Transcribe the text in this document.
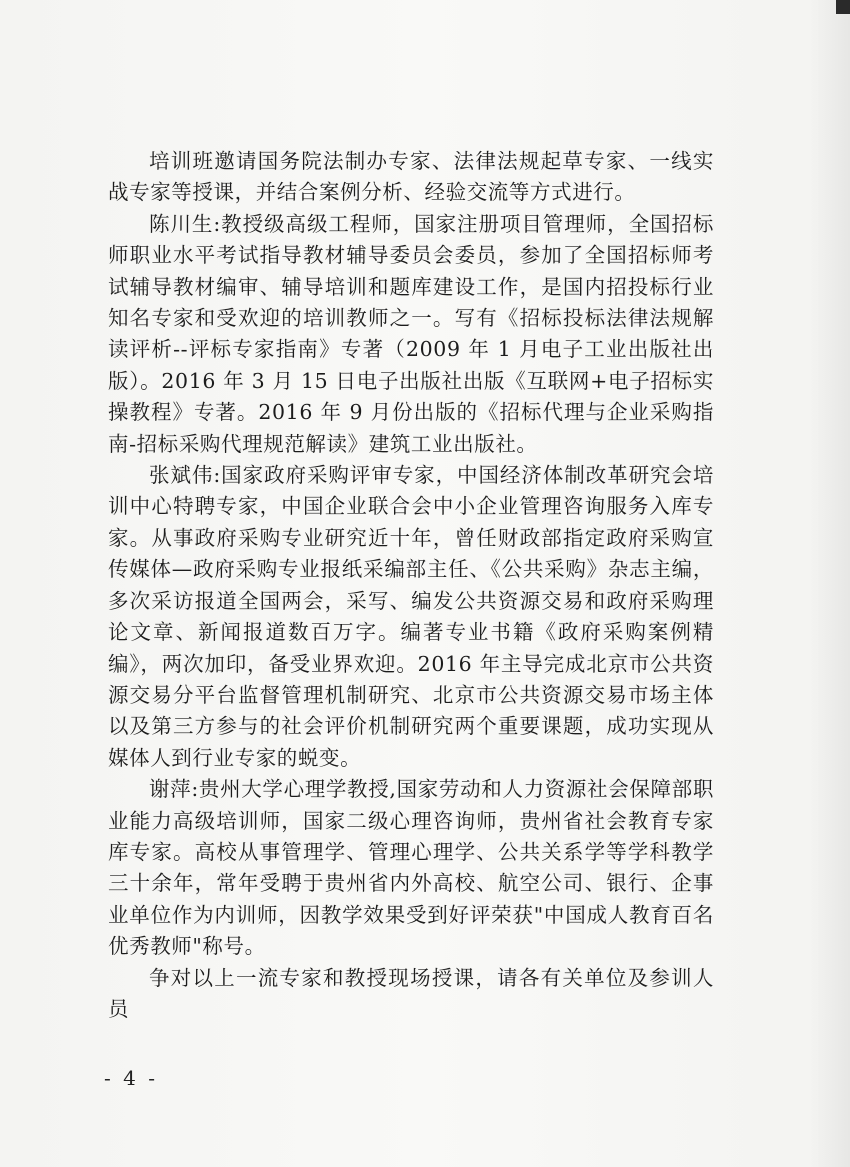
培训班邀请国务院法制办专家、法律法规起草专家、一线实战专家等授课，并结合案例分析、经验交流等方式进行。

陈川生:教授级高级工程师，国家注册项目管理师，全国招标师职业水平考试指导教材辅导委员会委员，参加了全国招标师考试辅导教材编审、辅导培训和题库建设工作，是国内招投标行业知名专家和受欢迎的培训教师之一。写有《招标投标法律法规解读评析--评标专家指南》专著（2009 年 1 月电子工业出版社出版）。2016 年 3 月 15 日电子出版社出版《互联网+电子招标实操教程》专著。2016 年 9 月份出版的《招标代理与企业采购指南-招标采购代理规范解读》建筑工业出版社。

张斌伟:国家政府采购评审专家，中国经济体制改革研究会培训中心特聘专家，中国企业联合会中小企业管理咨询服务入库专家。从事政府采购专业研究近十年，曾任财政部指定政府采购宣传媒体—政府采购专业报纸采编部主任、《公共采购》杂志主编，多次采访报道全国两会，采写、编发公共资源交易和政府采购理论文章、新闻报道数百万字。编著专业书籍《政府采购案例精编》，两次加印，备受业界欢迎。2016 年主导完成北京市公共资源交易分平台监督管理机制研究、北京市公共资源交易市场主体以及第三方参与的社会评价机制研究两个重要课题，成功实现从媒体人到行业专家的蜕变。

谢萍:贵州大学心理学教授,国家劳动和人力资源社会保障部职业能力高级培训师，国家二级心理咨询师，贵州省社会教育专家库专家。高校从事管理学、管理心理学、公共关系学等学科教学三十余年，常年受聘于贵州省内外高校、航空公司、银行、企事业单位作为内训师，因教学效果受到好评荣获"中国成人教育百名优秀教师"称号。

争对以上一流专家和教授现场授课，请各有关单位及参训人员

- 4 -
